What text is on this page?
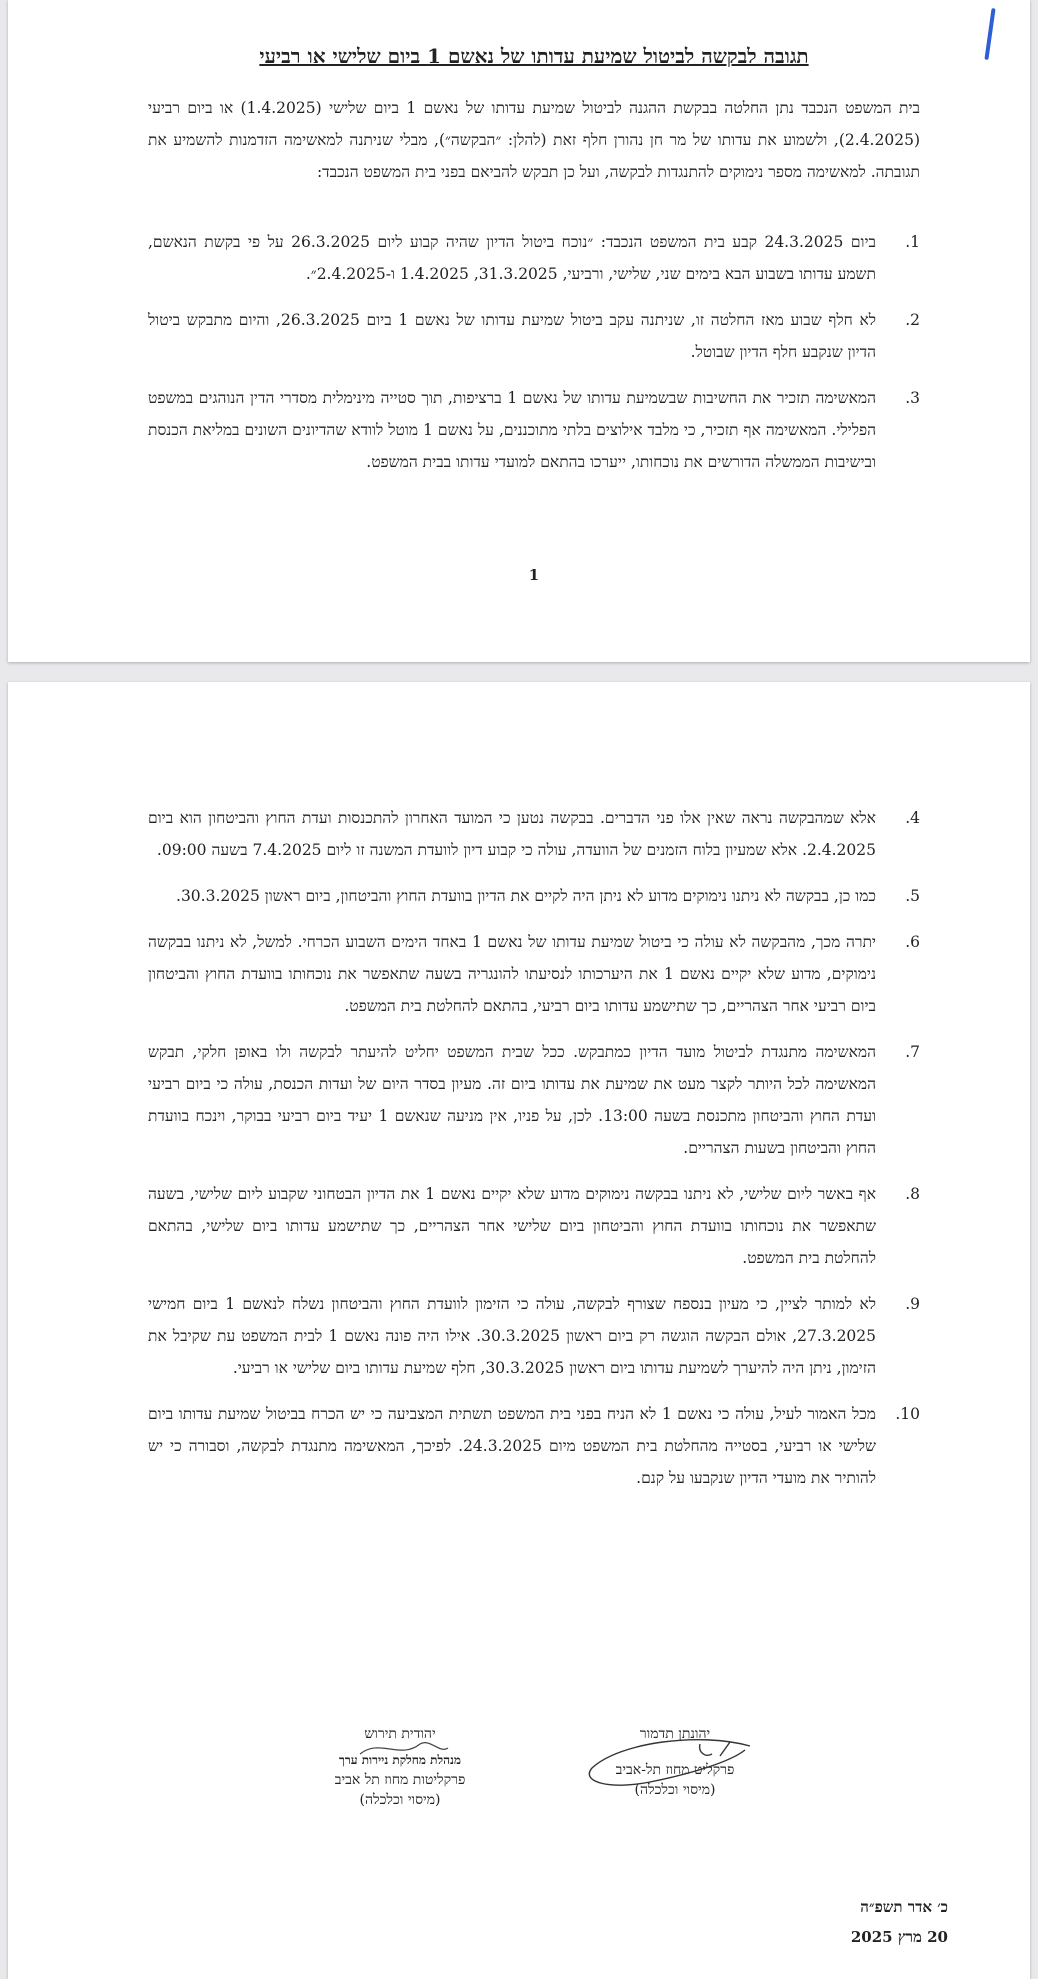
תגובה לבקשה לביטול שמיעת עדותו של נאשם 1 ביום שלישי או רביעי

בית המשפט הנכבד נתן החלטה בבקשת ההגנה לביטול שמיעת עדותו של נאשם 1 ביום שלישי (1.4.2025) או ביום רביעי (2.4.2025), ולשמוע את עדותו של מר חן נהורן חלף זאת (להלן: ״הבקשה״), מבלי שניתנה למאשימה הזדמנות להשמיע את תגובתה. למאשימה מספר נימוקים להתנגדות לבקשה, ועל כן תבקש להביאם בפני בית המשפט הנכבד:

1.
ביום 24.3.2025 קבע בית המשפט הנכבד: ״נוכח ביטול הדיון שהיה קבוע ליום 26.3.2025 על פי בקשת הנאשם, תשמע עדותו בשבוע הבא בימים שני, שלישי, ורביעי, 31.3.2025, 1.4.2025 ו-2.4.2025״.
2.
לא חלף שבוע מאז החלטה זו, שניתנה עקב ביטול שמיעת עדותו של נאשם 1 ביום 26.3.2025, והיום מתבקש ביטול הדיון שנקבע חלף הדיון שבוטל.
3.
המאשימה תזכיר את החשיבות שבשמיעת עדותו של נאשם 1 ברציפות, תוך סטייה מינימלית מסדרי הדין הנוהגים במשפט הפלילי. המאשימה אף תזכיר, כי מלבד אילוצים בלתי מתוכננים, על נאשם 1 מוטל לוודא שהדיונים השונים במליאת הכנסת ובישיבות הממשלה הדורשים את נוכחותו, ייערכו בהתאם למועדי עדותו בבית המשפט.
1
4.
אלא שמהבקשה נראה שאין אלו פני הדברים. בבקשה נטען כי המועד האחרון להתכנסות ועדת החוץ והביטחון הוא ביום 2.4.2025. אלא שמעיון בלוח הזמנים של הוועדה, עולה כי קבוע דיון לוועדת המשנה זו ליום 7.4.2025 בשעה 09:00.
5.
כמו כן, בבקשה לא ניתנו נימוקים מדוע לא ניתן היה לקיים את הדיון בוועדת החוץ והביטחון, ביום ראשון 30.3.2025.
6.
יתרה מכך, מהבקשה לא עולה כי ביטול שמיעת עדותו של נאשם 1 באחד הימים השבוע הכרחי. למשל, לא ניתנו בבקשה נימוקים, מדוע שלא יקיים נאשם 1 את היערכותו לנסיעתו להונגריה בשעה שתאפשר את נוכחותו בוועדת החוץ והביטחון ביום רביעי אחר הצהריים, כך שתישמע עדותו ביום רביעי, בהתאם להחלטת בית המשפט.
7.
המאשימה מתנגדת לביטול מועד הדיון כמתבקש. ככל שבית המשפט יחליט להיעתר לבקשה ולו באופן חלקי, תבקש המאשימה לכל היותר לקצר מעט את שמיעת את עדותו ביום זה. מעיון בסדר היום של ועדות הכנסת, עולה כי ביום רביעי ועדת החוץ והביטחון מתכנסת בשעה 13:00. לכן, על פניו, אין מניעה שנאשם 1 יעיד ביום רביעי בבוקר, וינכח בוועדת החוץ והביטחון בשעות הצהריים.
8.
אף באשר ליום שלישי, לא ניתנו בבקשה נימוקים מדוע שלא יקיים נאשם 1 את הדיון הבטחוני שקבוע ליום שלישי, בשעה שתאפשר את נוכחותו בוועדת החוץ והביטחון ביום שלישי אחר הצהריים, כך שתישמע עדותו ביום שלישי, בהתאם להחלטת בית המשפט.
9.
לא למותר לציין, כי מעיון בנספח שצורף לבקשה, עולה כי הזימון לוועדת החוץ והביטחון נשלח לנאשם 1 ביום חמישי 27.3.2025, אולם הבקשה הוגשה רק ביום ראשון 30.3.2025. אילו היה פונה נאשם 1 לבית המשפט עת שקיבל את הזימון, ניתן היה להיערך לשמיעת עדותו ביום ראשון 30.3.2025, חלף שמיעת עדותו ביום שלישי או רביעי.
10.
מכל האמור לעיל, עולה כי נאשם 1 לא הניח בפני בית המשפט תשתית המצביעה כי יש הכרח בביטול שמיעת עדותו ביום שלישי או רביעי, בסטייה מהחלטת בית המשפט מיום 24.3.2025. לפיכך, המאשימה מתנגדת לבקשה, וסבורה כי יש להותיר את מועדי הדיון שנקבעו על קנם.
יהונתן תדמור
פרקליט מחוז תל-אביב
(מיסוי וכלכלה)
יהודית תירוש
מנהלת מחלקת ניירות ערך
פרקליטות מחוז תל אביב
(מיסוי וכלכלה)
כ׳ אדר תשפ״ה
20 מרץ 2025
